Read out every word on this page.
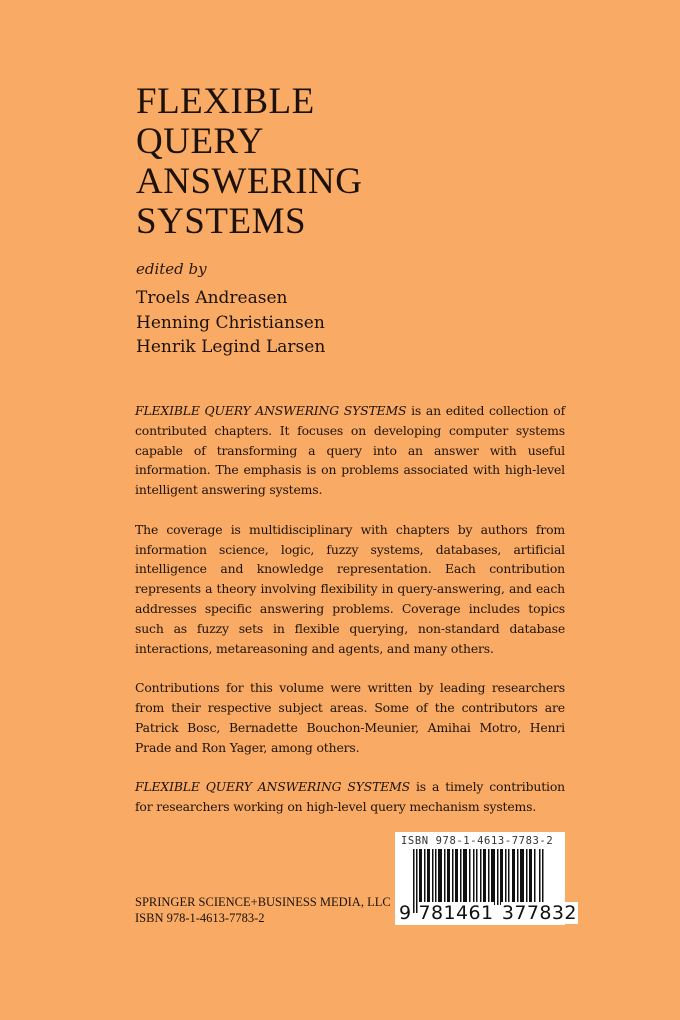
FLEXIBLE
QUERY
ANSWERING
SYSTEMS
edited by
Troels Andreasen
Henning Christiansen
Henrik Legind Larsen

FLEXIBLE QUERY ANSWERING SYSTEMS is an edited collection of contributed chapters. It focuses on developing computer systems capable of transforming a query into an answer with useful information. The emphasis is on problems associated with high-level intelligent answering systems.

The coverage is multidisciplinary with chapters by authors from information science, logic, fuzzy systems, databases, artificial intelligence and knowledge representation. Each contribution represents a theory involving flexibility in query-answering, and each addresses specific answering problems. Coverage includes topics such as fuzzy sets in flexible querying, non-standard database interactions, metareasoning and agents, and many others.

Contributions for this volume were written by leading researchers from their respective subject areas. Some of the contributors are Patrick Bosc, Bernadette Bouchon-Meunier, Amihai Motro, Henri Prade and Ron Yager, among others.

FLEXIBLE QUERY ANSWERING SYSTEMS is a timely contribution for researchers working on high-level query mechanism systems.

SPRINGER SCIENCE+BUSINESS MEDIA, LLC
ISBN 978-1-4613-7783-2
ISBN 978-1-4613-7783-2
9 781461 377832
